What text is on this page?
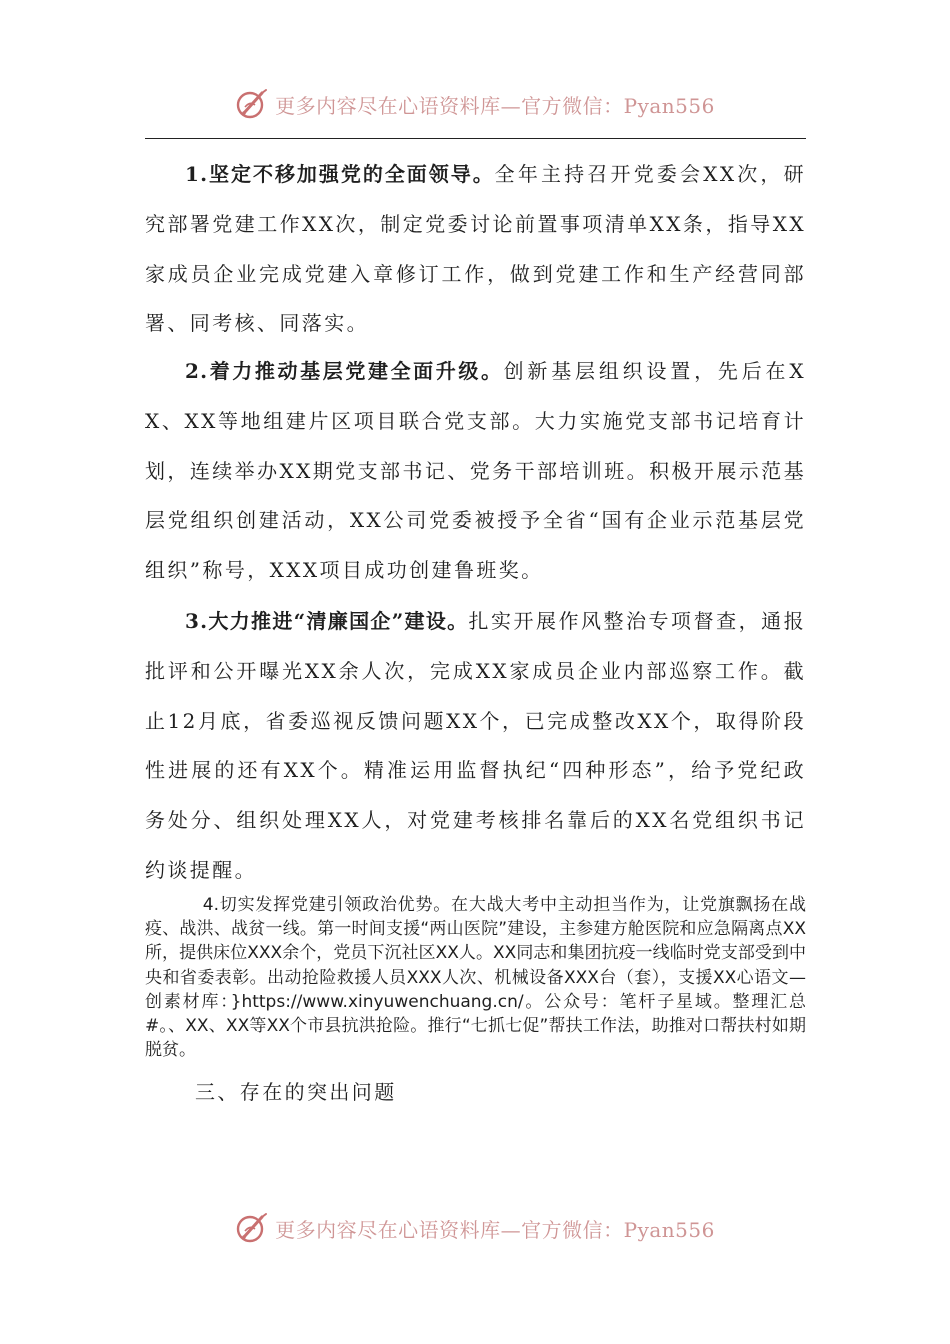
更多内容尽在心语资料库—官方微信：Pyan556

1.坚定不移加强党的全面领导。全年主持召开党委会XX次，研究部署党建工作XX次，制定党委讨论前置事项清单XX条，指导XX家成员企业完成党建入章修订工作，做到党建工作和生产经营同部署、同考核、同落实。

2.着力推动基层党建全面升级。创新基层组织设置，先后在XX、XX等地组建片区项目联合党支部。大力实施党支部书记培育计划，连续举办XX期党支部书记、党务干部培训班。积极开展示范基层党组织创建活动，XX公司党委被授予全省“国有企业示范基层党组织”称号，XXX项目成功创建鲁班奖。

3.大力推进“清廉国企”建设。扎实开展作风整治专项督查，通报批评和公开曝光XX余人次，完成XX家成员企业内部巡察工作。截止12月底，省委巡视反馈问题XX个，已完成整改XX个，取得阶段性进展的还有XX个。精准运用监督执纪“四种形态”，给予党纪政务处分、组织处理XX人，对党建考核排名靠后的XX名党组织书记约谈提醒。

4.切实发挥党建引领政治优势。在大战大考中主动担当作为，让党旗飘扬在战疫、战洪、战贫一线。第一时间支援“两山医院”建设，主参建方舱医院和应急隔离点XX所，提供床位XXX余个，党员下沉社区XX人。XX同志和集团抗疫一线临时党支部受到中央和省委表彰。出动抢险救援人员XXX人次、机械设备XXX台（套），支援XX心语文—创素材库：}https://www.xinyuwenchuang.cn/。公众号：笔杆子星域。整理汇总#。、XX、XX等XX个市县抗洪抢险。推行“七抓七促”帮扶工作法，助推对口帮扶村如期脱贫。

三、存在的突出问题

更多内容尽在心语资料库—官方微信：Pyan556
